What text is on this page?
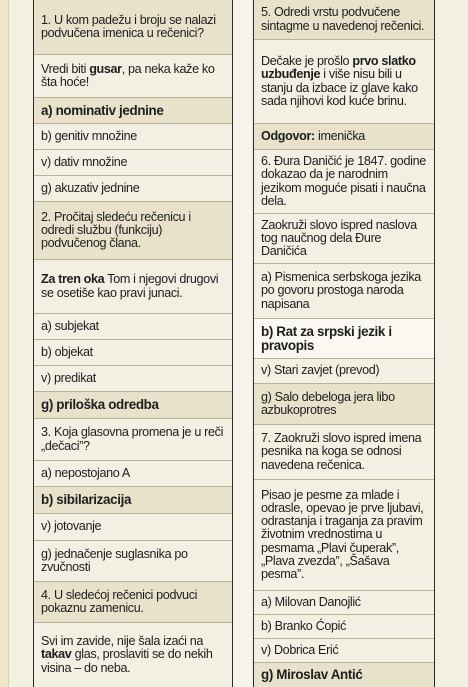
1. U kom padežu i broju se nalazi podvučena imenica u rečenici?
Vredi biti gusar, pa neka kaže ko šta hoće!
a) nominativ jednine
b) genitiv množine
v) dativ množine
g) akuzativ jednine
2. Pročitaj sledeću rečenicu i odredi službu (funkciju) podvučenog člana.
Za tren oka Tom i njegovi drugovi se osetiše kao pravi junaci.
a) subjekat
b) objekat
v) predikat
g) priloška odredba
3. Koja glasovna promena je u reči „dečaci”?
a) nepostojano A
b) sibilarizacija
v) jotovanje
g) jednačenje suglasnika po zvučnosti
4. U sledećoj rečenici podvuci pokaznu zamenicu.
Svi im zavide, nije šala izaći na takav glas, proslaviti se do nekih visina – do neba.
5. Odredi vrstu podvučene sintagme u navedenoj rečenici.
Dečake je prošlo prvo slatko uzbuđenje i više nisu bili u stanju da izbace iz glave kako sada njihovi kod kuće brinu.
Odgovor: imenička
6. Đura Daničić je 1847. godine dokazao da je narodnim jezikom moguće pisati i naučna dela.
Zaokruži slovo ispred naslova tog naučnog dela Đure Daničića
a) Pismenica serbskoga jezika po govoru prostoga naroda napisana
b) Rat za srpski jezik i pravopis
v) Stari zavjet (prevod)
g) Salo debeloga jera libo azbukoprotres
7. Zaokruži slovo ispred imena pesnika na koga se odnosi navedena rečenica.
Pisao je pesme za mlade i odrasle, opevao je prve ljubavi, odrastanja i traganja za pravim životnim vrednostima u pesmama „Plavi čuperak”, „Plava zvezda”, „Šašava pesma”.
a) Milovan Danojlić
b) Branko Ćopić
v) Dobrica Erić
g) Miroslav Antić
